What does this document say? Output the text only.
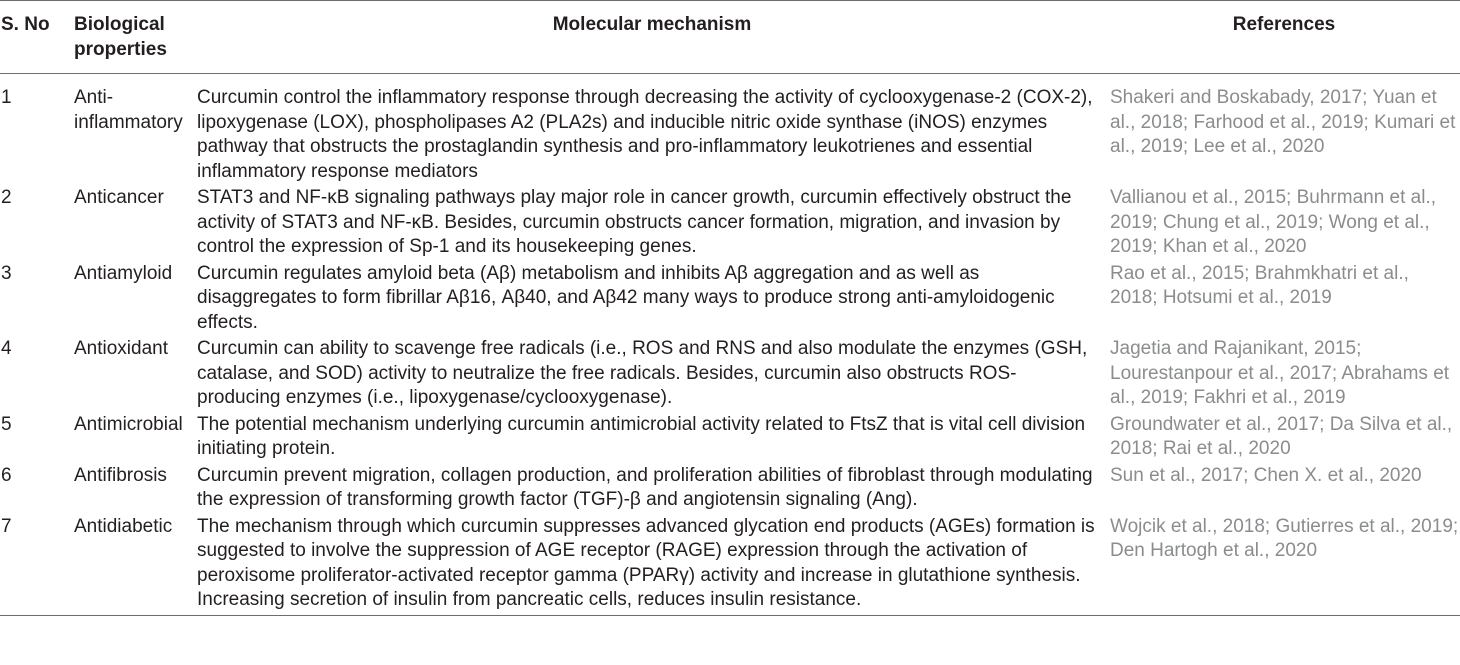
S. No	Biological properties	Molecular mechanism	References
1	Anti-inflammatory	Curcumin control the inflammatory response through decreasing the activity of cyclooxygenase-2 (COX-2), lipoxygenase (LOX), phospholipases A2 (PLA2s) and inducible nitric oxide synthase (iNOS) enzymes pathway that obstructs the prostaglandin synthesis and pro-inflammatory leukotrienes and essential inflammatory response mediators	Shakeri and Boskabady, 2017; Yuan et al., 2018; Farhood et al., 2019; Kumari et al., 2019; Lee et al., 2020
2	Anticancer	STAT3 and NF-κB signaling pathways play major role in cancer growth, curcumin effectively obstruct the activity of STAT3 and NF-κB. Besides, curcumin obstructs cancer formation, migration, and invasion by control the expression of Sp-1 and its housekeeping genes.	Vallianou et al., 2015; Buhrmann et al., 2019; Chung et al., 2019; Wong et al., 2019; Khan et al., 2020
3	Antiamyloid	Curcumin regulates amyloid beta (Aβ) metabolism and inhibits Aβ aggregation and as well as disaggregates to form fibrillar Aβ16, Aβ40, and Aβ42 many ways to produce strong anti-amyloidogenic effects.	Rao et al., 2015; Brahmkhatri et al., 2018; Hotsumi et al., 2019
4	Antioxidant	Curcumin can ability to scavenge free radicals (i.e., ROS and RNS and also modulate the enzymes (GSH, catalase, and SOD) activity to neutralize the free radicals. Besides, curcumin also obstructs ROS-producing enzymes (i.e., lipoxygenase/cyclooxygenase).	Jagetia and Rajanikant, 2015; Lourestanpour et al., 2017; Abrahams et al., 2019; Fakhri et al., 2019
5	Antimicrobial	The potential mechanism underlying curcumin antimicrobial activity related to FtsZ that is vital cell division initiating protein.	Groundwater et al., 2017; Da Silva et al., 2018; Rai et al., 2020
6	Antifibrosis	Curcumin prevent migration, collagen production, and proliferation abilities of fibroblast through modulating the expression of transforming growth factor (TGF)-β and angiotensin signaling (Ang).	Sun et al., 2017; Chen X. et al., 2020
7	Antidiabetic	The mechanism through which curcumin suppresses advanced glycation end products (AGEs) formation is suggested to involve the suppression of AGE receptor (RAGE) expression through the activation of peroxisome proliferator-activated receptor gamma (PPARγ) activity and increase in glutathione synthesis. Increasing secretion of insulin from pancreatic cells, reduces insulin resistance.	Wojcik et al., 2018; Gutierres et al., 2019; Den Hartogh et al., 2020
